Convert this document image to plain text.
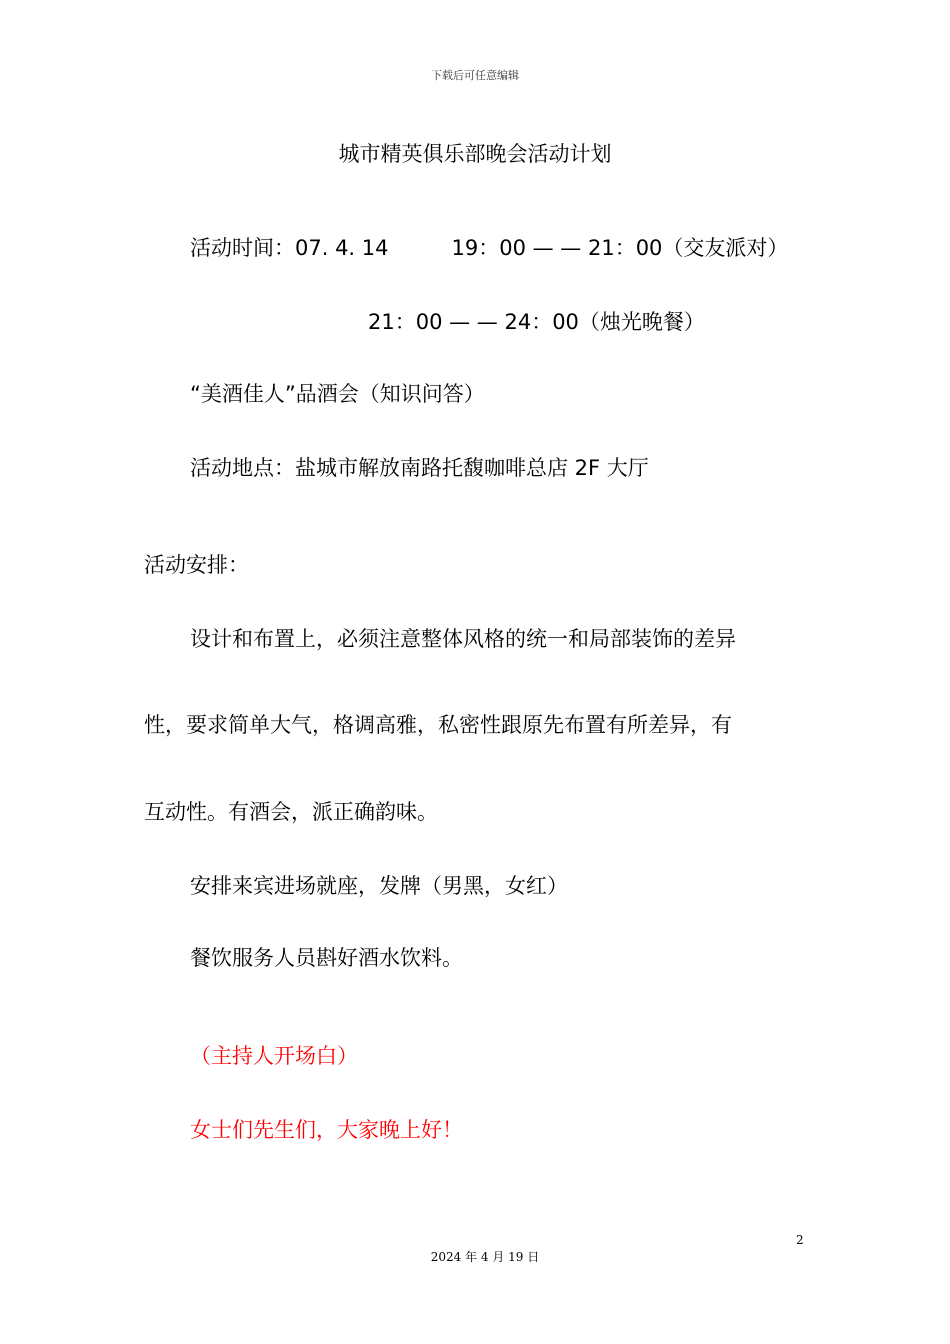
下载后可任意编辑
城市精英俱乐部晚会活动计划
活动时间：07. 4. 14　　　19：00 — — 21：00（交友派对）
21：00 — — 24：00（烛光晚餐）
“美酒佳人”品酒会（知识问答）
活动地点：盐城市解放南路托馥咖啡总店 2F 大厅
活动安排：
设计和布置上，必须注意整体风格的统一和局部装饰的差异
性，要求简单大气，格调高雅，私密性跟原先布置有所差异，有
互动性。有酒会，派正确韵味。
安排来宾进场就座，发牌（男黑，女红）
餐饮服务人员斟好酒水饮料。
（主持人开场白）
女士们先生们，大家晚上好！
2
2024 年 4 月 19 日
